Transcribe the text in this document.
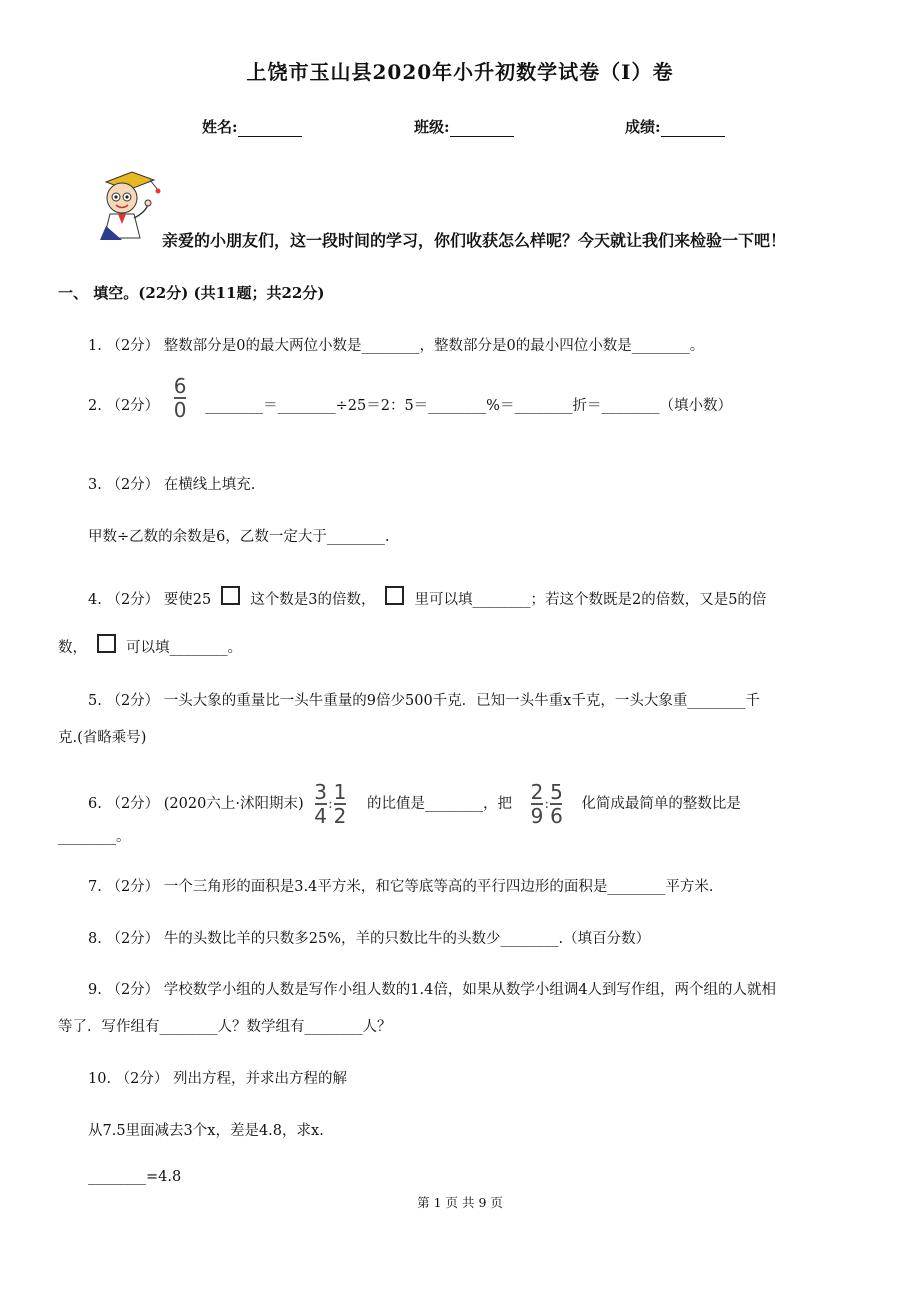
上饶市玉山县2020年小升初数学试卷（I）卷
姓名:	班级:	成绩:
亲爱的小朋友们，这一段时间的学习，你们收获怎么样呢？今天就让我们来检验一下吧！
一、 填空。(22分) (共11题；共22分)
1. （2分） 整数部分是0的最大两位小数是________，整数部分是0的最小四位小数是________。
2. （2分） $\frac{6}{0}$ ________＝________÷25＝2：5＝________%＝________折＝________（填小数）
3. （2分） 在横线上填充.
甲数÷乙数的余数是6，乙数一定大于________.
4. （2分） 要使25	这个数是3的倍数，	里可以填________；若这个数既是2的倍数，又是5的倍
数，	可以填________。
5. （2分） 一头大象的重量比一头牛重量的9倍少500千克．已知一头牛重x千克，一头大象重________千
克.(省略乘号)
6. （2分） (2020六上·沭阳期末) $\frac{3}{4}$ : $\frac{1}{2}$ 的比值是________，把 $\frac{2}{9}$ : $\frac{5}{6}$ 化简成最简单的整数比是
________。
7. （2分） 一个三角形的面积是3.4平方米，和它等底等高的平行四边形的面积是________平方米.
8. （2分） 牛的头数比羊的只数多25%，羊的只数比牛的头数少________.（填百分数）
9. （2分） 学校数学小组的人数是写作小组人数的1.4倍，如果从数学小组调4人到写作组，两个组的人就相
等了．写作组有________人？数学组有________人？
10. （2分） 列出方程，并求出方程的解
从7.5里面减去3个x，差是4.8，求x.
________=4.8
第 1 页 共 9 页
